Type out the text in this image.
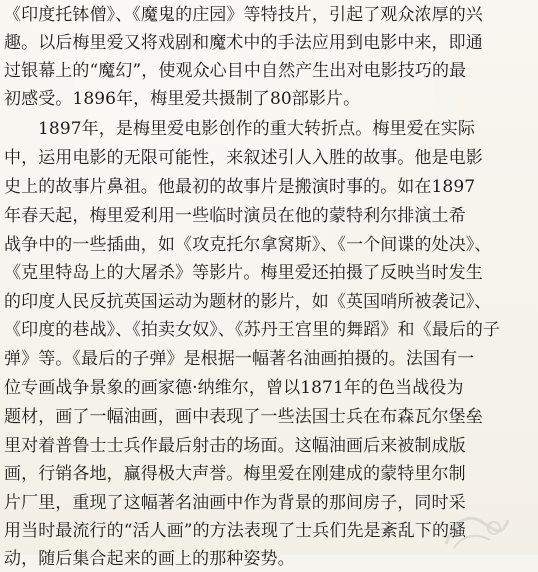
《印度托钵僧》、《魔鬼的庄园》等特技片，引起了观众浓厚的兴
趣。以后梅里爱又将戏剧和魔术中的手法应用到电影中来，即通
过银幕上的“魔幻”，使观众心目中自然产生出对电影技巧的最
初感受。1896年，梅里爱共摄制了80部影片。
1897年，是梅里爱电影创作的重大转折点。梅里爱在实际
中，运用电影的无限可能性，来叙述引人入胜的故事。他是电影
史上的故事片鼻祖。他最初的故事片是搬演时事的。如在1897
年春天起，梅里爱利用一些临时演员在他的蒙特利尔排演土希
战争中的一些插曲，如《攻克托尔拿窝斯》、《一个间谍的处决》、
《克里特岛上的大屠杀》等影片。梅里爱还拍摄了反映当时发生
的印度人民反抗英国运动为题材的影片，如《英国哨所被袭记》、
《印度的巷战》、《拍卖女奴》、《苏丹王宫里的舞蹈》和《最后的子
弹》等。《最后的子弹》是根据一幅著名油画拍摄的。法国有一
位专画战争景象的画家德·纳维尔，曾以1871年的色当战役为
题材，画了一幅油画，画中表现了一些法国士兵在布森瓦尔堡垒
里对着普鲁士士兵作最后射击的场面。这幅油画后来被制成版
画，行销各地，赢得极大声誉。梅里爱在刚建成的蒙特里尔制
片厂里，重现了这幅著名油画中作为背景的那间房子，同时采
用当时最流行的“活人画”的方法表现了士兵们先是紊乱下的骚
动，随后集合起来的画上的那种姿势。
